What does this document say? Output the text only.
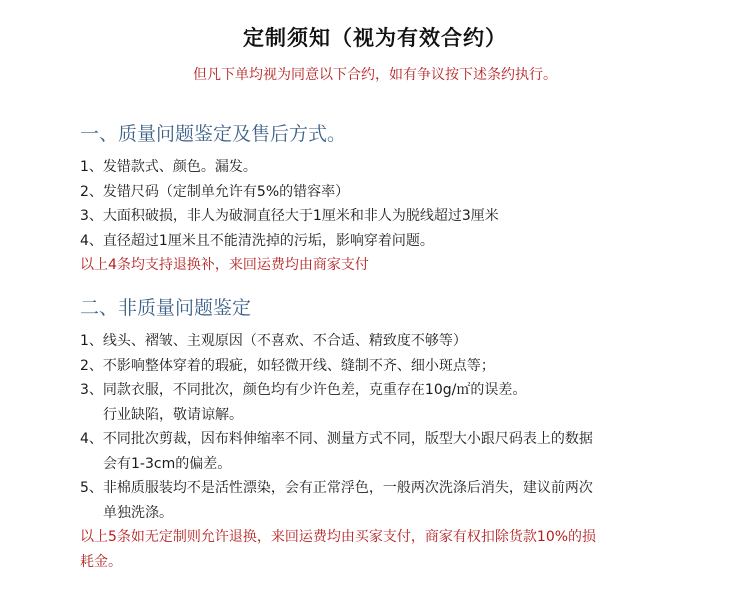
定制须知（视为有效合约）
但凡下单均视为同意以下合约，如有争议按下述条约执行。
一、质量问题鉴定及售后方式。
1、发错款式、颜色。漏发。
2、发错尺码（定制单允许有5%的错容率）
3、大面积破损，非人为破洞直径大于1厘米和非人为脱线超过3厘米
4、直径超过1厘米且不能清洗掉的污垢，影响穿着问题。
以上4条均支持退换补，来回运费均由商家支付
二、非质量问题鉴定
1、线头、褶皱、主观原因（不喜欢、不合适、精致度不够等）
2、不影响整体穿着的瑕疵，如轻微开线、缝制不齐、细小斑点等；
3、同款衣服，不同批次，颜色均有少许色差，克重存在10g/㎡的误差。
行业缺陷，敬请谅解。
4、不同批次剪裁，因布料伸缩率不同、测量方式不同，版型大小跟尺码表上的数据
会有1-3cm的偏差。
5、非棉质服装均不是活性漂染，会有正常浮色，一般两次洗涤后消失，建议前两次
单独洗涤。
以上5条如无定制则允许退换，来回运费均由买家支付，商家有权扣除货款10%的损
耗金。
